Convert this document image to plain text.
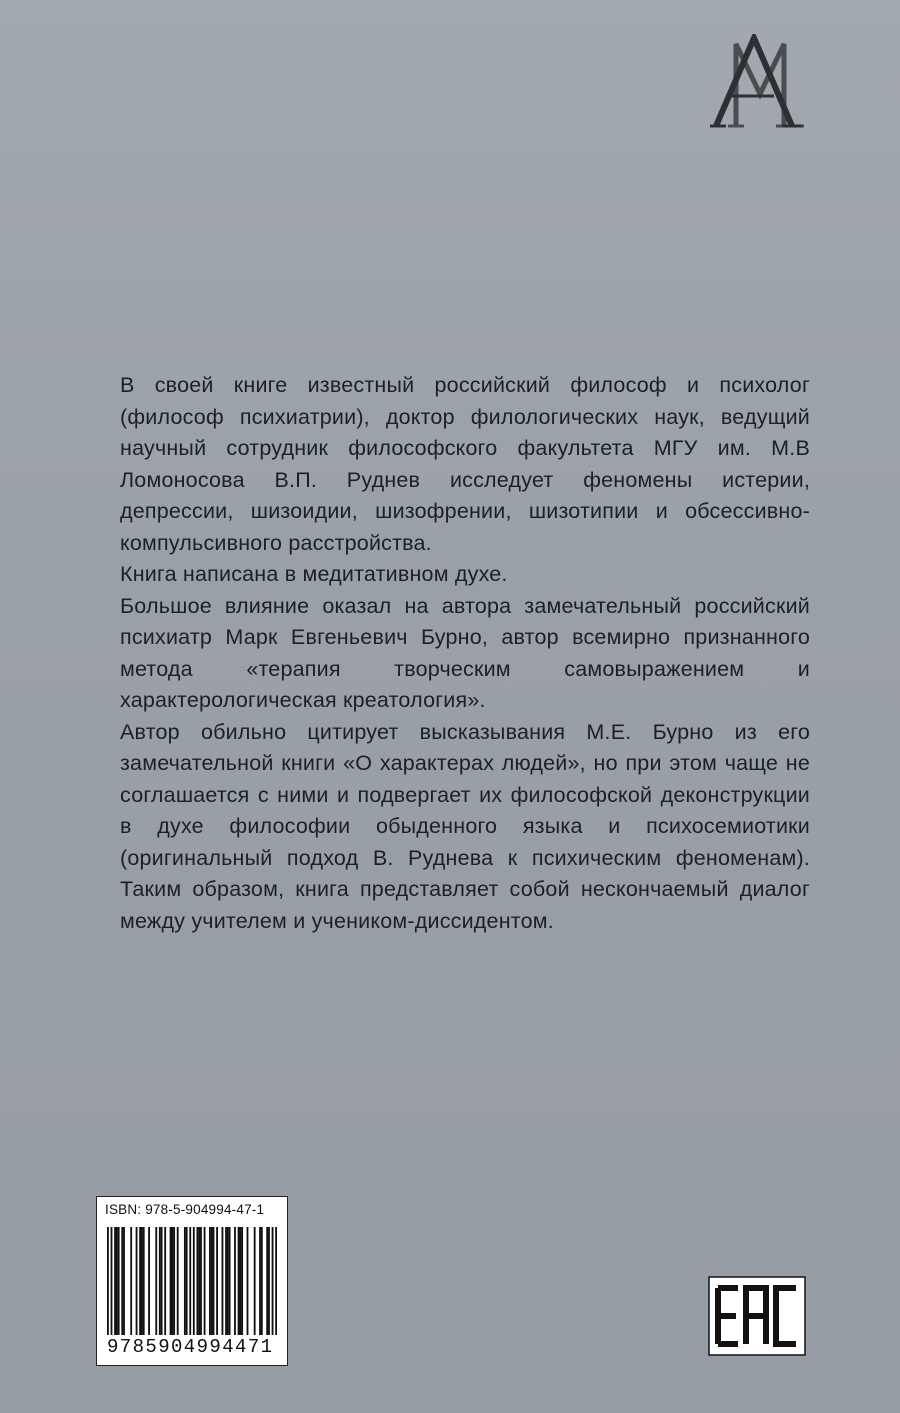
В своей книге известный российский философ и психолог (философ психиатрии), доктор филологических наук, ведущий научный сотрудник философского факультета МГУ им. М.В Ломоносова В.П. Руднев исследует феномены истерии, депрессии, шизоидии, шизофрении, шизотипии и обсессивно-компульсивного расстройства.

Книга написана в медитативном духе.

Большое влияние оказал на автора замечательный российский психиатр Марк Евгеньевич Бурно, автор всемирно признанного метода «терапия творческим самовыражением и характерологическая креатология».

Автор обильно цитирует высказывания М.Е. Бурно из его замечательной книги «О характерах людей», но при этом чаще не соглашается с ними и подвергает их философской деконструкции в духе философии обыденного языка и психосемиотики (оригинальный подход В. Руднева к психическим феноменам). Таким образом, книга представляет собой нескончаемый диалог между учителем и учеником-диссидентом.

ISBN: 978-5-904994-47-1
9785904994471
